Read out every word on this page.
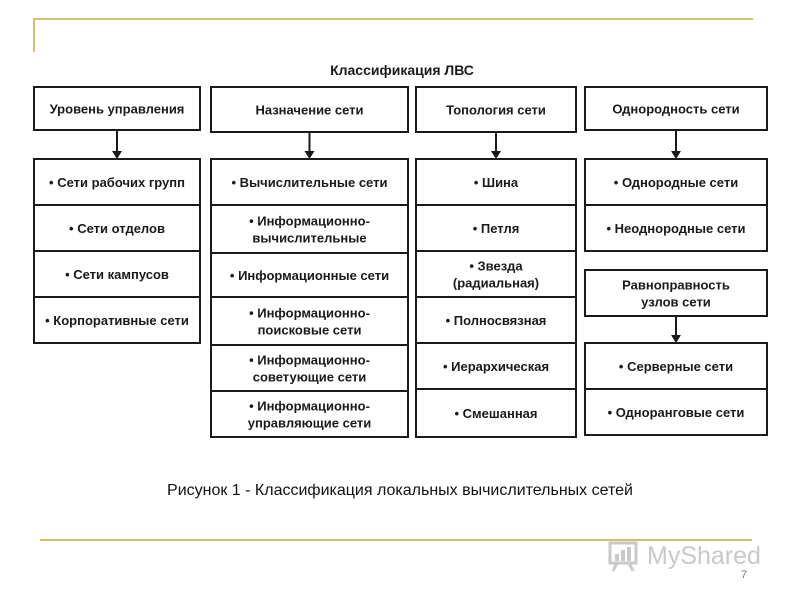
Классификация ЛВС
Уровень управления
• Сети рабочих групп
• Сети отделов
• Сети кампусов
• Корпоративные сети
Назначение сети
• Вычислительные сети
• Информационно-вычислительные
• Информационные сети
• Информационно-поисковые сети
• Информационно-советующие сети
• Информационно-управляющие сети
Топология сети
• Шина
• Петля
• Звезда (радиальная)
• Полносвязная
• Иерархическая
• Смешанная
Однородность сети
• Однородные сети
• Неоднородные сети
Равноправность узлов сети
• Серверные сети
• Одноранговые сети
Рисунок 1 - Классификация локальных вычислительных сетей
MyShared
7
